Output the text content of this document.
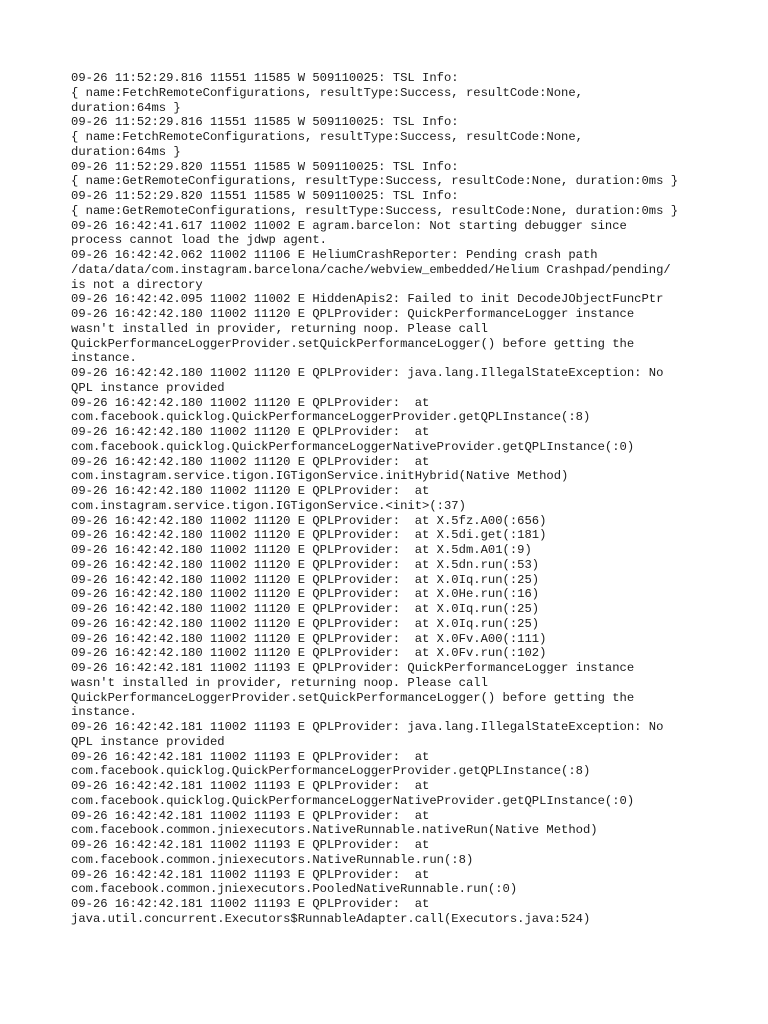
09-26 11:52:29.816 11551 11585 W 509110025: TSL Info:
{ name:FetchRemoteConfigurations, resultType:Success, resultCode:None,
duration:64ms }
09-26 11:52:29.816 11551 11585 W 509110025: TSL Info:
{ name:FetchRemoteConfigurations, resultType:Success, resultCode:None,
duration:64ms }
09-26 11:52:29.820 11551 11585 W 509110025: TSL Info:
{ name:GetRemoteConfigurations, resultType:Success, resultCode:None, duration:0ms }
09-26 11:52:29.820 11551 11585 W 509110025: TSL Info:
{ name:GetRemoteConfigurations, resultType:Success, resultCode:None, duration:0ms }
09-26 16:42:41.617 11002 11002 E agram.barcelon: Not starting debugger since
process cannot load the jdwp agent.
09-26 16:42:42.062 11002 11106 E HeliumCrashReporter: Pending crash path
/data/data/com.instagram.barcelona/cache/webview_embedded/Helium Crashpad/pending/
is not a directory
09-26 16:42:42.095 11002 11002 E HiddenApis2: Failed to init DecodeJObjectFuncPtr
09-26 16:42:42.180 11002 11120 E QPLProvider: QuickPerformanceLogger instance
wasn't installed in provider, returning noop. Please call
QuickPerformanceLoggerProvider.setQuickPerformanceLogger() before getting the
instance.
09-26 16:42:42.180 11002 11120 E QPLProvider: java.lang.IllegalStateException: No
QPL instance provided
09-26 16:42:42.180 11002 11120 E QPLProvider:  at
com.facebook.quicklog.QuickPerformanceLoggerProvider.getQPLInstance(:8)
09-26 16:42:42.180 11002 11120 E QPLProvider:  at
com.facebook.quicklog.QuickPerformanceLoggerNativeProvider.getQPLInstance(:0)
09-26 16:42:42.180 11002 11120 E QPLProvider:  at
com.instagram.service.tigon.IGTigonService.initHybrid(Native Method)
09-26 16:42:42.180 11002 11120 E QPLProvider:  at
com.instagram.service.tigon.IGTigonService.<init>(:37)
09-26 16:42:42.180 11002 11120 E QPLProvider:  at X.5fz.A00(:656)
09-26 16:42:42.180 11002 11120 E QPLProvider:  at X.5di.get(:181)
09-26 16:42:42.180 11002 11120 E QPLProvider:  at X.5dm.A01(:9)
09-26 16:42:42.180 11002 11120 E QPLProvider:  at X.5dn.run(:53)
09-26 16:42:42.180 11002 11120 E QPLProvider:  at X.0Iq.run(:25)
09-26 16:42:42.180 11002 11120 E QPLProvider:  at X.0He.run(:16)
09-26 16:42:42.180 11002 11120 E QPLProvider:  at X.0Iq.run(:25)
09-26 16:42:42.180 11002 11120 E QPLProvider:  at X.0Iq.run(:25)
09-26 16:42:42.180 11002 11120 E QPLProvider:  at X.0Fv.A00(:111)
09-26 16:42:42.180 11002 11120 E QPLProvider:  at X.0Fv.run(:102)
09-26 16:42:42.181 11002 11193 E QPLProvider: QuickPerformanceLogger instance
wasn't installed in provider, returning noop. Please call
QuickPerformanceLoggerProvider.setQuickPerformanceLogger() before getting the
instance.
09-26 16:42:42.181 11002 11193 E QPLProvider: java.lang.IllegalStateException: No
QPL instance provided
09-26 16:42:42.181 11002 11193 E QPLProvider:  at
com.facebook.quicklog.QuickPerformanceLoggerProvider.getQPLInstance(:8)
09-26 16:42:42.181 11002 11193 E QPLProvider:  at
com.facebook.quicklog.QuickPerformanceLoggerNativeProvider.getQPLInstance(:0)
09-26 16:42:42.181 11002 11193 E QPLProvider:  at
com.facebook.common.jniexecutors.NativeRunnable.nativeRun(Native Method)
09-26 16:42:42.181 11002 11193 E QPLProvider:  at
com.facebook.common.jniexecutors.NativeRunnable.run(:8)
09-26 16:42:42.181 11002 11193 E QPLProvider:  at
com.facebook.common.jniexecutors.PooledNativeRunnable.run(:0)
09-26 16:42:42.181 11002 11193 E QPLProvider:  at
java.util.concurrent.Executors$RunnableAdapter.call(Executors.java:524)
